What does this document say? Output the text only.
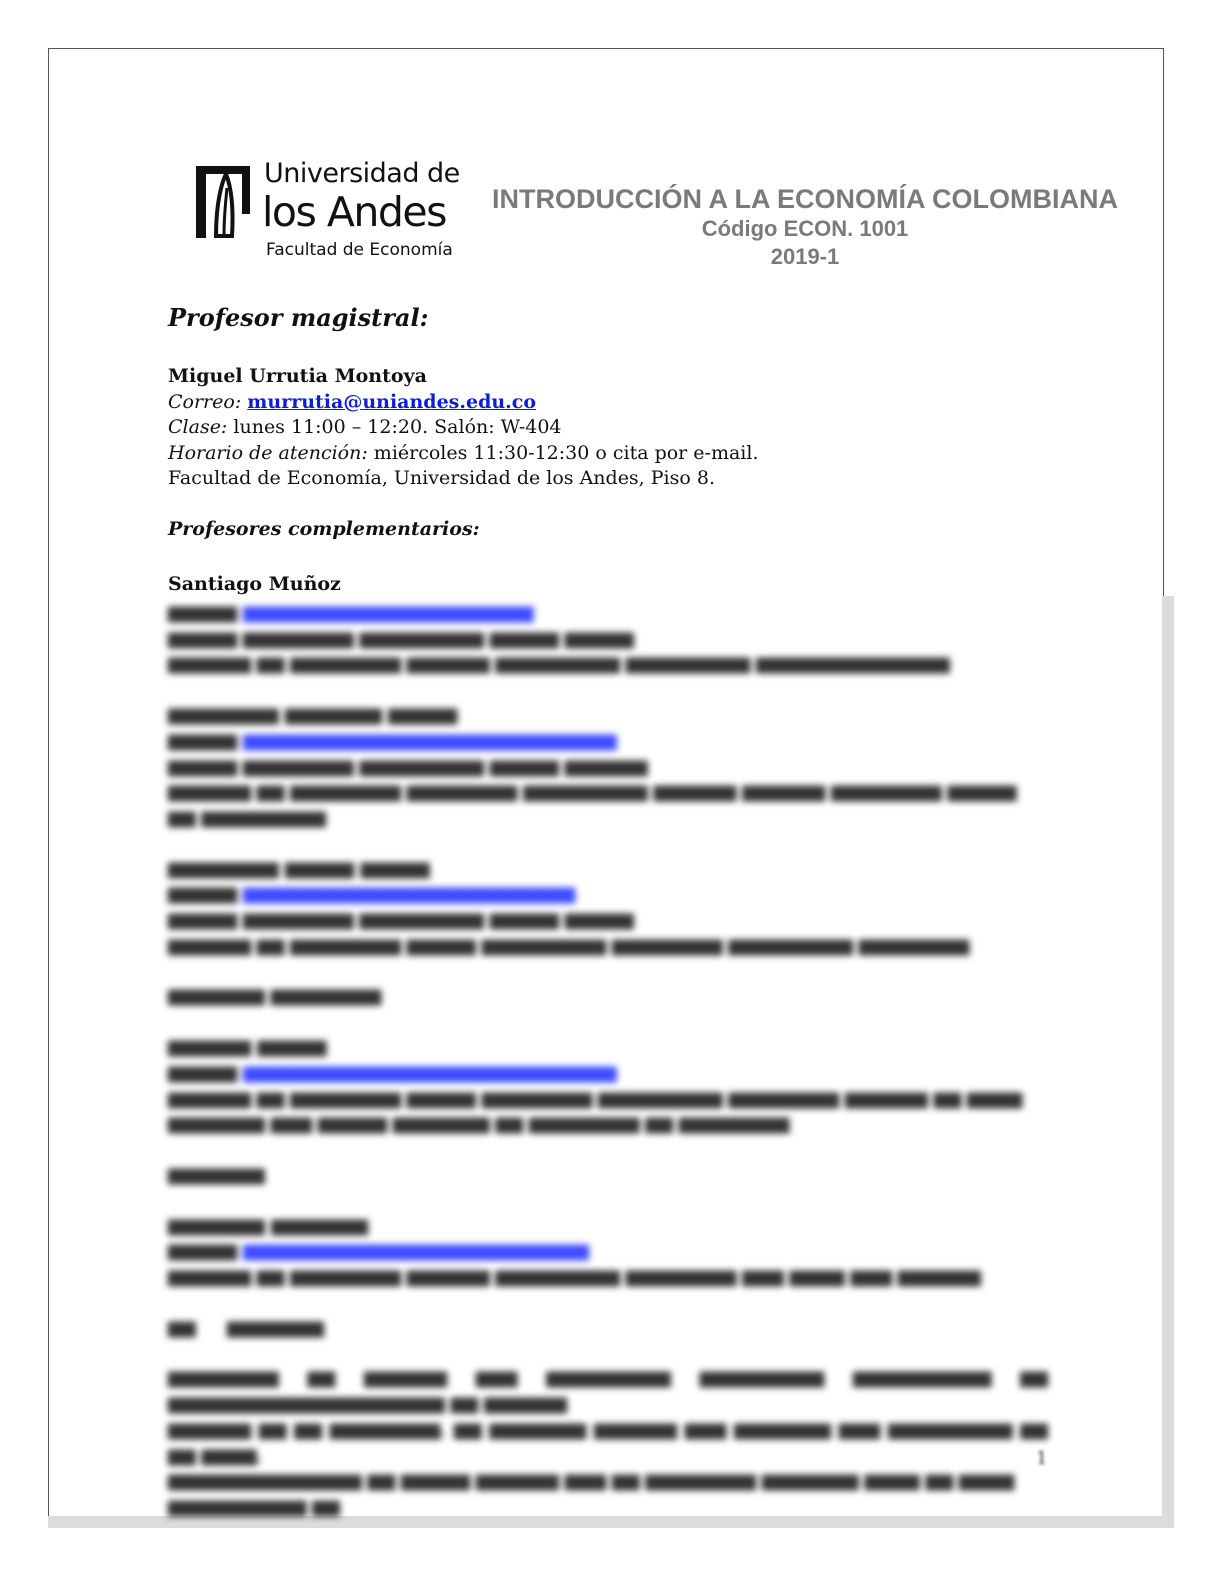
Universidad de
los Andes
Facultad de Economía
INTRODUCCIÓN A LA ECONOMÍA COLOMBIANA
Código ECON. 1001
2019-1

Profesor magistral:

Miguel Urrutia Montoya

Correo: murrutia@uniandes.edu.co

Clase: lunes 11:00 – 12:20. Salón: W-404

Horario de atención: miércoles 11:30-12:30 o cita por e-mail.

Facultad de Economía, Universidad de los Andes, Piso 8.

Profesores complementarios:

Santiago Muñoz

▆▆▆▆▆ ▆▆▆▆▆▆▆▆▆▆▆▆▆▆▆▆▆▆▆▆▆

▆▆▆▆▆ ▆▆▆▆▆▆▆▆ ▆▆▆▆▆▆▆▆▆ ▆▆▆▆▆ ▆▆▆▆▆

▆▆▆▆▆▆ ▆▆ ▆▆▆▆▆▆▆▆ ▆▆▆▆▆▆ ▆▆▆▆▆▆▆▆▆ ▆▆▆▆▆▆▆▆▆ ▆▆▆▆▆▆▆▆▆▆▆▆▆▆

▆▆▆▆▆▆▆▆ ▆▆▆▆▆▆▆ ▆▆▆▆▆

▆▆▆▆▆ ▆▆▆▆▆▆▆▆▆▆▆▆▆▆▆▆▆▆▆▆▆▆▆▆▆▆▆

▆▆▆▆▆ ▆▆▆▆▆▆▆▆ ▆▆▆▆▆▆▆▆▆ ▆▆▆▆▆ ▆▆▆▆▆▆

▆▆▆▆▆▆ ▆▆ ▆▆▆▆▆▆▆▆ ▆▆▆▆▆▆▆▆ ▆▆▆▆▆▆▆▆▆ ▆▆▆▆▆▆ ▆▆▆▆▆▆ ▆▆▆▆▆▆▆▆ ▆▆▆▆▆ ▆▆ ▆▆▆▆▆▆▆▆▆

▆▆▆▆▆▆▆▆ ▆▆▆▆▆ ▆▆▆▆▆

▆▆▆▆▆ ▆▆▆▆▆▆▆▆▆▆▆▆▆▆▆▆▆▆▆▆▆▆▆▆

▆▆▆▆▆ ▆▆▆▆▆▆▆▆ ▆▆▆▆▆▆▆▆▆ ▆▆▆▆▆ ▆▆▆▆▆

▆▆▆▆▆▆ ▆▆ ▆▆▆▆▆▆▆▆ ▆▆▆▆▆ ▆▆▆▆▆▆▆▆▆ ▆▆▆▆▆▆▆▆ ▆▆▆▆▆▆▆▆▆ ▆▆▆▆▆▆▆▆

▆▆▆▆▆▆▆ ▆▆▆▆▆▆▆▆

▆▆▆▆▆▆ ▆▆▆▆▆

▆▆▆▆▆ ▆▆▆▆▆▆▆▆▆▆▆▆▆▆▆▆▆▆▆▆▆▆▆▆▆▆▆

▆▆▆▆▆▆ ▆▆ ▆▆▆▆▆▆▆▆ ▆▆▆▆▆ ▆▆▆▆▆▆▆▆ ▆▆▆▆▆▆▆▆▆ ▆▆▆▆▆▆▆▆ ▆▆▆▆▆▆ ▆▆ ▆▆▆▆

▆▆▆▆▆▆▆ ▆▆▆ ▆▆▆▆▆ ▆▆▆▆▆▆▆ ▆▆ ▆▆▆▆▆▆▆▆ ▆▆ ▆▆▆▆▆▆▆▆

▆▆▆▆▆▆▆

▆▆▆▆▆▆▆ ▆▆▆▆▆▆▆

▆▆▆▆▆ ▆▆▆▆▆▆▆▆▆▆▆▆▆▆▆▆▆▆▆▆▆▆▆▆▆

▆▆▆▆▆▆ ▆▆ ▆▆▆▆▆▆▆▆ ▆▆▆▆▆▆ ▆▆▆▆▆▆▆▆▆ ▆▆▆▆▆▆▆▆ ▆▆▆ ▆▆▆▆ ▆▆▆ ▆▆▆▆▆▆

▆▆     ▆▆▆▆▆▆▆

▆▆▆▆▆▆▆▆ ▆▆ ▆▆▆▆▆▆ ▆▆▆ ▆▆▆▆▆▆▆▆▆ ▆▆▆▆▆▆▆▆▆ ▆▆▆▆▆▆▆▆▆▆ ▆▆ ▆▆▆▆▆▆▆▆▆▆▆▆▆▆▆▆▆▆▆▆ ▆▆ ▆▆▆▆▆▆

▆▆▆▆▆▆ ▆▆ ▆▆ ▆▆▆▆▆▆▆▆, ▆▆ ▆▆▆▆▆▆▆ ▆▆▆▆▆▆ ▆▆▆ ▆▆▆▆▆▆▆ ▆▆▆ ▆▆▆▆▆▆▆▆▆ ▆▆ ▆▆ ▆▆▆▆,

▆▆▆▆▆▆▆▆▆▆▆▆▆▆ ▆▆ ▆▆▆▆▆ ▆▆▆▆▆▆ ▆▆▆ ▆▆ ▆▆▆▆▆▆▆▆ ▆▆▆▆▆▆▆ ▆▆▆▆ ▆▆ ▆▆▆▆ ▆▆▆▆▆▆▆▆▆▆ ▆▆

1
